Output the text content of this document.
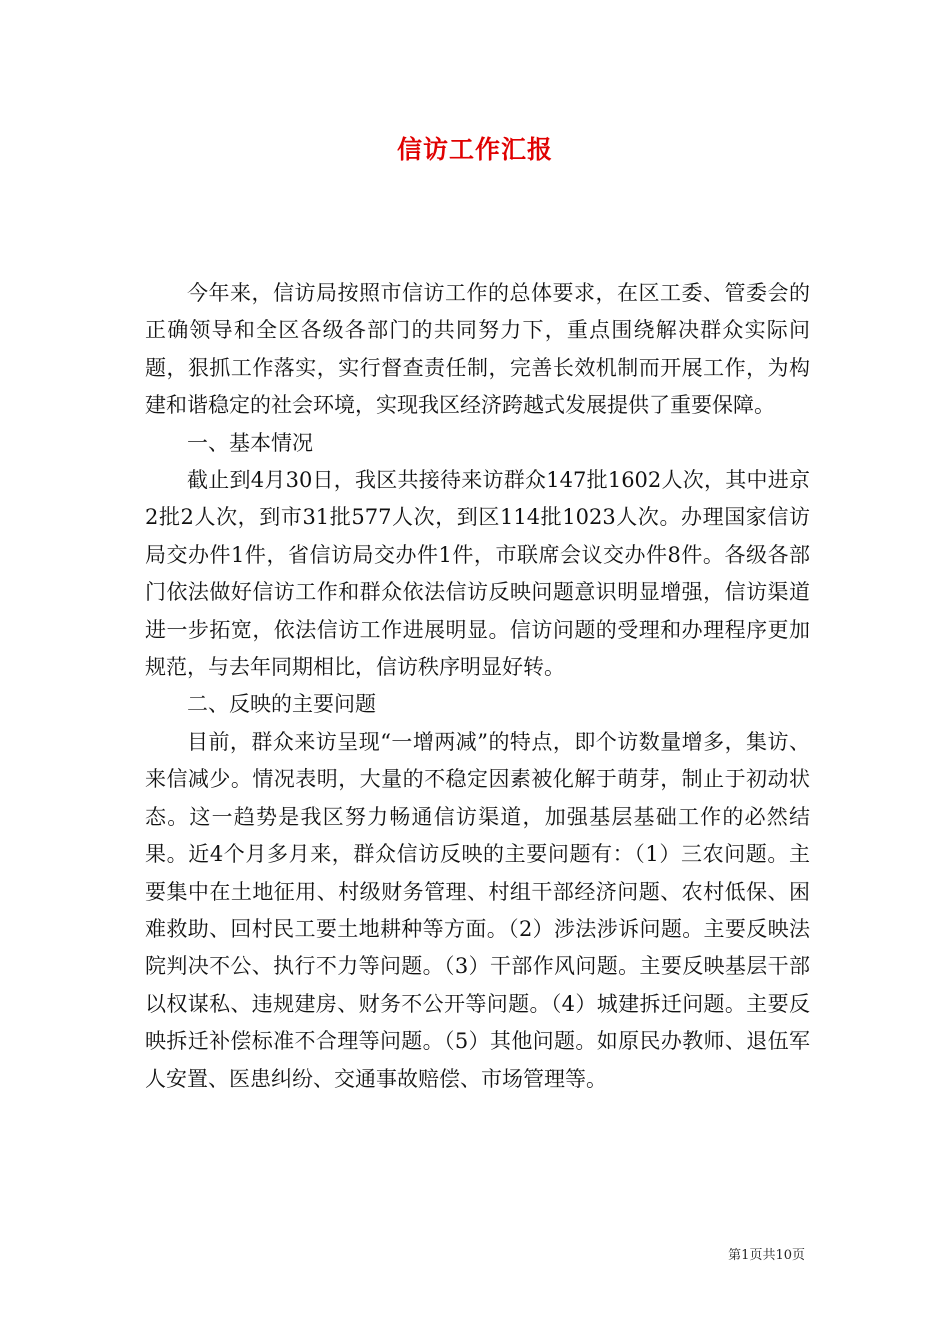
信访工作汇报

今年来，信访局按照市信访工作的总体要求，在区工委、管委会的正确领导和全区各级各部门的共同努力下，重点围绕解决群众实际问题，狠抓工作落实，实行督查责任制，完善长效机制而开展工作，为构建和谐稳定的社会环境，实现我区经济跨越式发展提供了重要保障。

一、基本情况

截止到4月30日，我区共接待来访群众147批1602人次，其中进京2批2人次，到市31批577人次，到区114批1023人次。办理国家信访局交办件1件，省信访局交办件1件，市联席会议交办件8件。各级各部门依法做好信访工作和群众依法信访反映问题意识明显增强，信访渠道进一步拓宽，依法信访工作进展明显。信访问题的受理和办理程序更加规范，与去年同期相比，信访秩序明显好转。

二、反映的主要问题

目前，群众来访呈现“一增两减”的特点，即个访数量增多，集访、来信减少。情况表明，大量的不稳定因素被化解于萌芽，制止于初动状态。这一趋势是我区努力畅通信访渠道，加强基层基础工作的必然结果。近4个月多月来，群众信访反映的主要问题有：（1）三农问题。主要集中在土地征用、村级财务管理、村组干部经济问题、农村低保、困难救助、回村民工要土地耕种等方面。（2）涉法涉诉问题。主要反映法院判决不公、执行不力等问题。（3）干部作风问题。主要反映基层干部以权谋私、违规建房、财务不公开等问题。（4）城建拆迁问题。主要反映拆迁补偿标准不合理等问题。（5）其他问题。如原民办教师、退伍军人安置、医患纠纷、交通事故赔偿、市场管理等。

第1页共10页
